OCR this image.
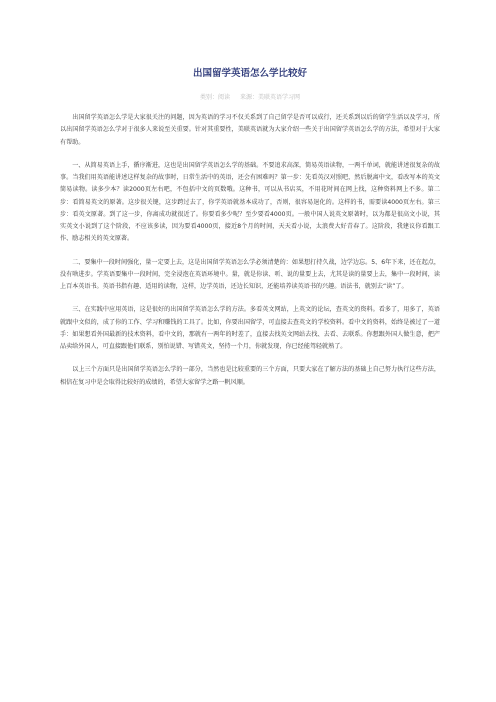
出国留学英语怎么学比较好
类别：阅读 来源：美联英语学习网

出国留学英语怎么学是大家很关注的问题，因为英语的学习不仅关系到了自己留学是否可以成行，还关系到以后的留学生活以及学习，所以出国留学英语怎么学对于很多人来说至关重要。针对其重要性，美联英语就为大家介绍一些关于出国留学英语怎么学的方法，希望对于大家有帮助。

一、从简易英语上手，循序渐进，这也是出国留学英语怎么学的基础。不要追求高深，简易英语读物，一两千单词，就能讲述很复杂的故事。当我们用英语能讲述这样复杂的故事时，日常生活中的英语，还会有困难吗？第一步：先看英汉对照吧，然后脱离中文，看改写本的英文简易读物。读多少本？读2000页左右吧，不包括中文的页数哦。这种书，可以从书店买，不用花时间在网上找，这种资料网上不多。第二步：看简易英文的原著。这步很关键，这步跨过去了，你学英语就基本成功了，否则，很容易退化的。这样的书，需要读4000页左右。第三步：看英文原著。到了这一步，你离成功就很近了。你要看多少呢？至少要看4000页。一般中国人说英文原著时，以为都是很高文小说，其实英文小说到了这个阶段，不应该多读，因为要看4000页，接近8个月的时间，天天看小说，太浪费大好青春了。这阶段，我建议你看跟工作、励志相关的英文原著。

二、要集中一段时间强化，量一定要上去，这是出国留学英语怎么学必须清楚的：如果想打持久战，边学边忘。5、6年下来，还在起点，没有啥进步。学英语要集中一段时间，完全浸泡在英语环境中。量，就是你读、听、说的量要上去，尤其是读的量要上去，集中一段时间，读上百本英语书。英语书指有趣、适用的读物，这样，边学英语，还边长知识，还能培养读英语书的兴趣。语法书，就别去“读”了。

三、在实践中应用英语，这是很好的出国留学英语怎么学的方法。多看英文网站，上英文的论坛，查英文的资料。看多了，用多了，英语就跟中文似的，成了你的工作、学习和赚钱的工具了。比如，你要出国留学，可直接去查英文的学校资料。看中文的资料，始终是被过了一道手：如果想看外国最新的技术资料，看中文的，那就有一两年的时差了，直接去找英文网站去找、去看、去联系。你想跟外国人做生意，把产品卖给外国人，可直接跟他们联系，别怕说错、写错英文，坚持一个月，你就发现，你已经能驾轻就熟了。

以上三个方面只是出国留学英语怎么学的一部分，当然也是比较重要的三个方面，只要大家在了解方法的基础上自己努力执行这些方法，相信在复习中是会取得比较好的成绩的，希望大家留学之路一帆风顺。
